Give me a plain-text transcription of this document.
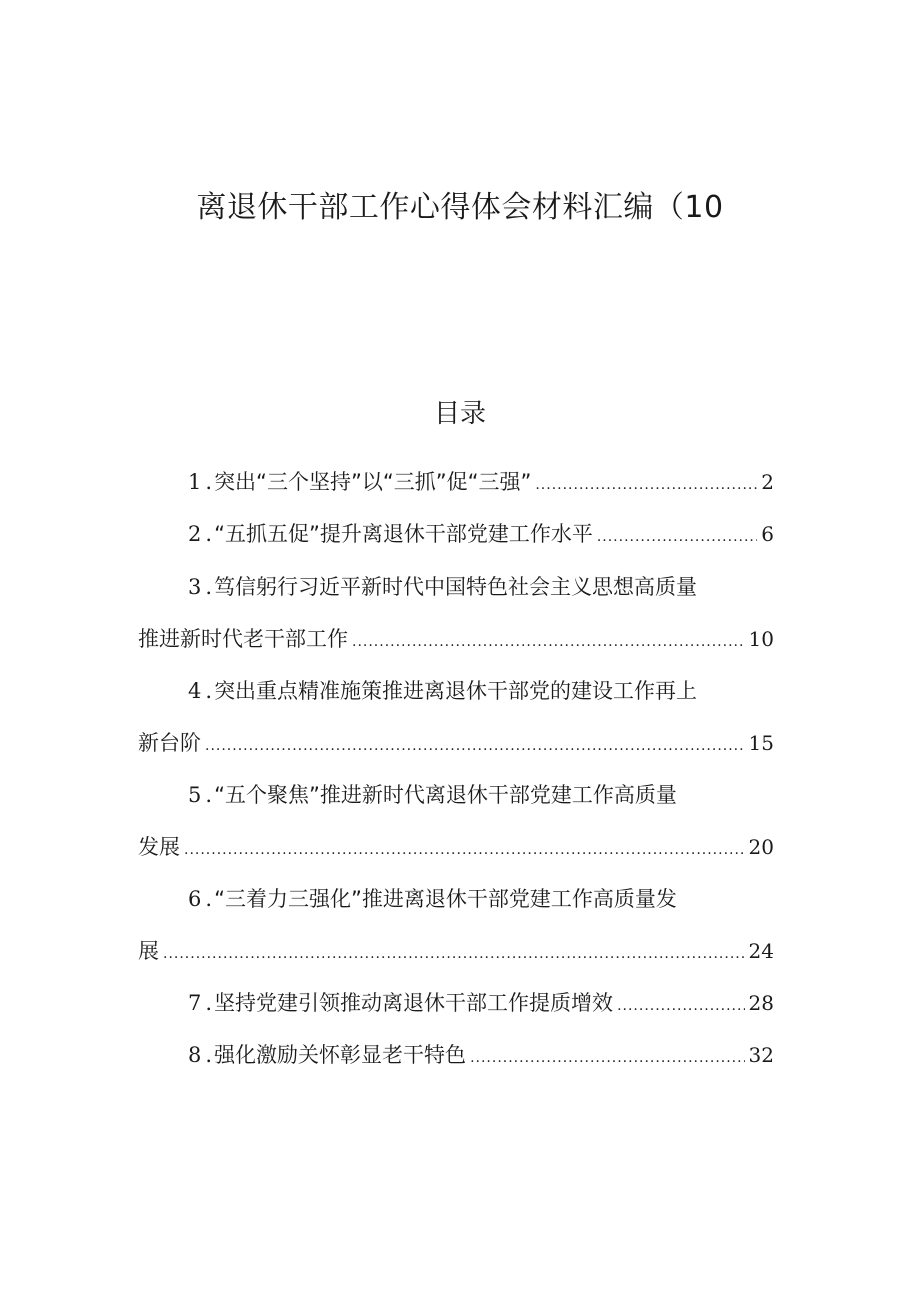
离退休干部工作心得体会材料汇编（10
目录
1 . 突出“三个坚持”以“三抓”促“三强” .....	2
2 . “五抓五促”提升离退休干部党建工作水平 .....	6
3 . 笃信躬行习近平新时代中国特色社会主义思想高质量
推进新时代老干部工作 .....	10
4 . 突出重点精准施策推进离退休干部党的建设工作再上
新台阶 .....	15
5 . “五个聚焦”推进新时代离退休干部党建工作高质量
发展 .....	20
6 . “三着力三强化”推进离退休干部党建工作高质量发
展 .....	24
7 . 坚持党建引领推动离退休干部工作提质增效 .....	28
8 . 强化激励关怀彰显老干特色 .....	32
